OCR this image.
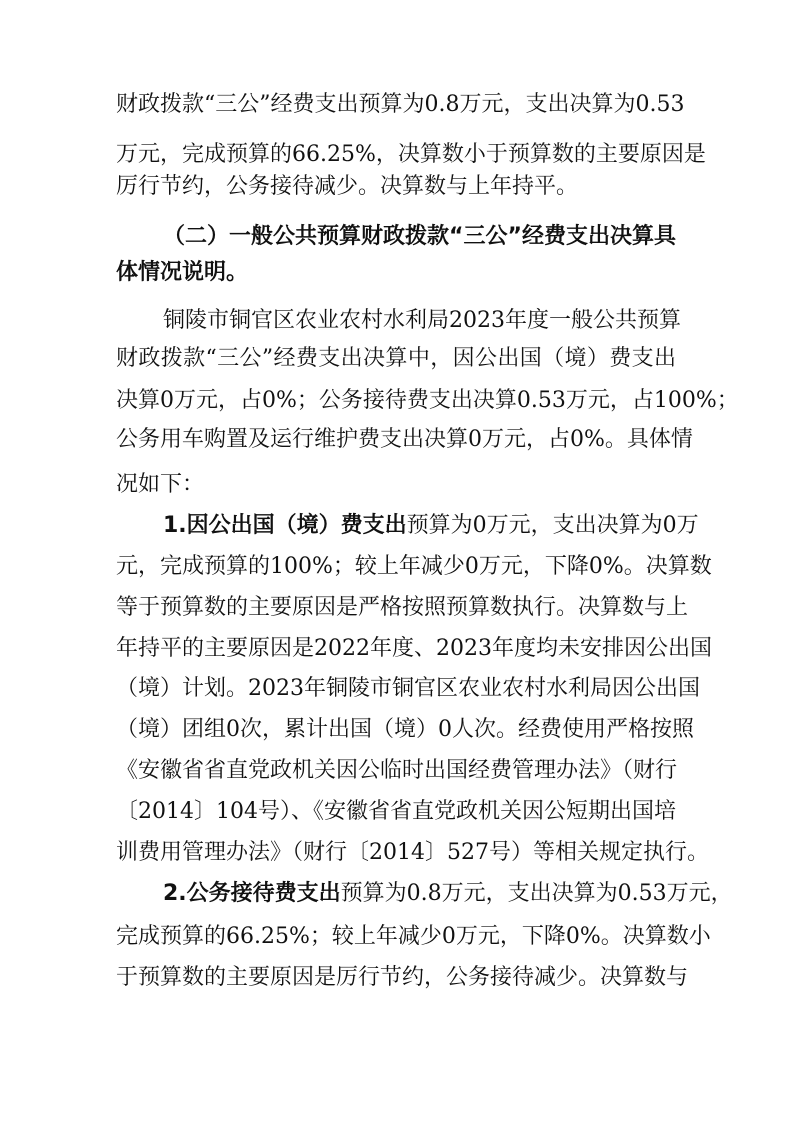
财政拨款“三公”经费支出预算为0.8万元，支出决算为0.53
万元，完成预算的66.25%，决算数小于预算数的主要原因是
厉行节约，公务接待减少。决算数与上年持平。
（二）一般公共预算财政拨款“三公”经费支出决算具
体情况说明。
铜陵市铜官区农业农村水利局2023年度一般公共预算
财政拨款“三公”经费支出决算中，因公出国（境）费支出
决算0万元，占0%；公务接待费支出决算0.53万元，占100%；
公务用车购置及运行维护费支出决算0万元，占0%。具体情
况如下：
1.因公出国（境）费支出 预算为0万元，支出决算为0万
元，完成预算的100%；较上年减少0万元，下降0%。决算数
等于预算数的主要原因是严格按照预算数执行。决算数与上
年持平的主要原因是2022年度、2023年度均未安排因公出国
（境）计划。2023年铜陵市铜官区农业农村水利局因公出国
（境）团组0次，累计出国（境）0人次。经费使用严格按照
《安徽省省直党政机关因公临时出国经费管理办法》（财行
〔2014〕104号）、《安徽省省直党政机关因公短期出国培
训费用管理办法》（财行〔2014〕527号）等相关规定执行。
2.公务接待费支出 预算为0.8万元，支出决算为0.53万元，
完成预算的66.25%；较上年减少0万元，下降0%。决算数小
于预算数的主要原因是厉行节约，公务接待减少。决算数与
